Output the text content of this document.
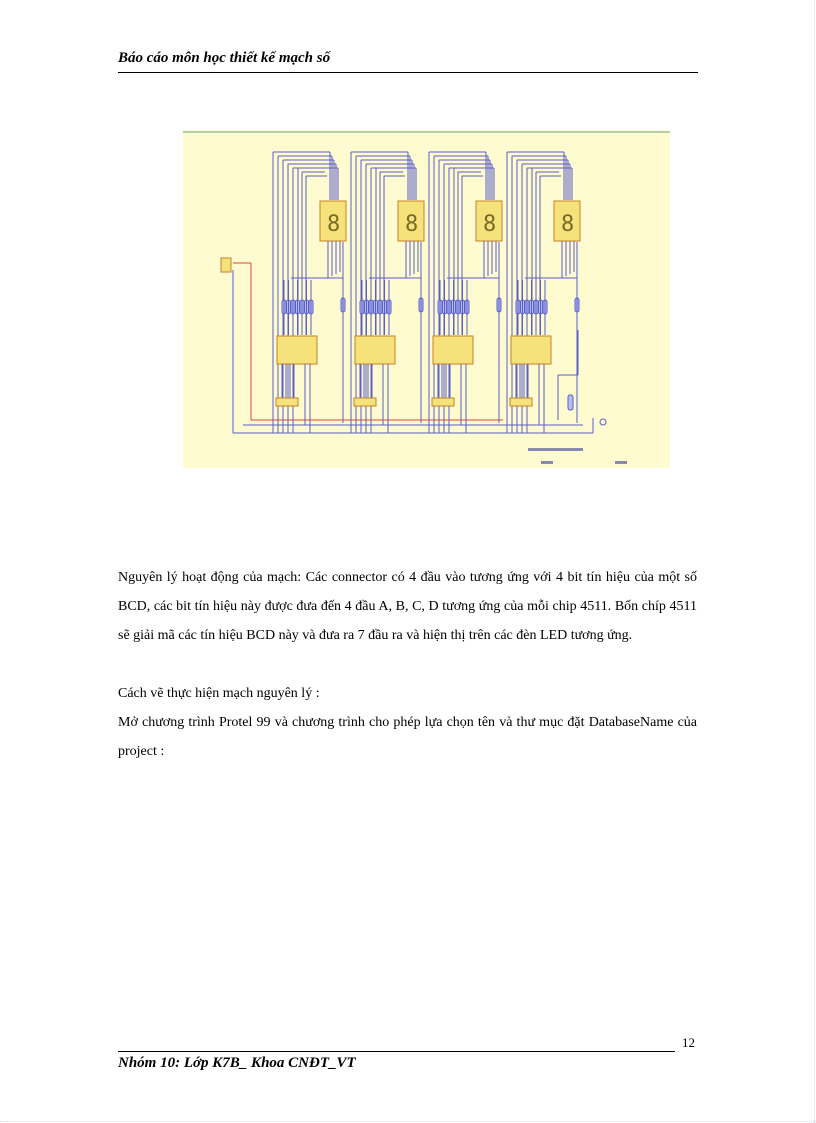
Báo cáo môn học thiết kế mạch số
8	8	8	8

Nguyên lý hoạt động của mạch: Các connector có 4 đầu vào tương ứng với 4 bit tín hiệu của một số BCD, các bit tín hiệu này được đưa đến 4 đầu A, B, C, D tương ứng của mỗi chip 4511. Bốn chíp 4511 sẽ giải mã các tín hiệu BCD này và đưa ra 7 đầu ra và hiện thị trên các đèn LED tương ứng.

Cách vẽ thực hiện mạch nguyên lý :

Mở chương trình Protel 99 và chương trình cho phép lựa chọn tên và thư mục đặt DatabaseName của project :

12
Nhóm 10: Lớp K7B_ Khoa CNĐT_VT
